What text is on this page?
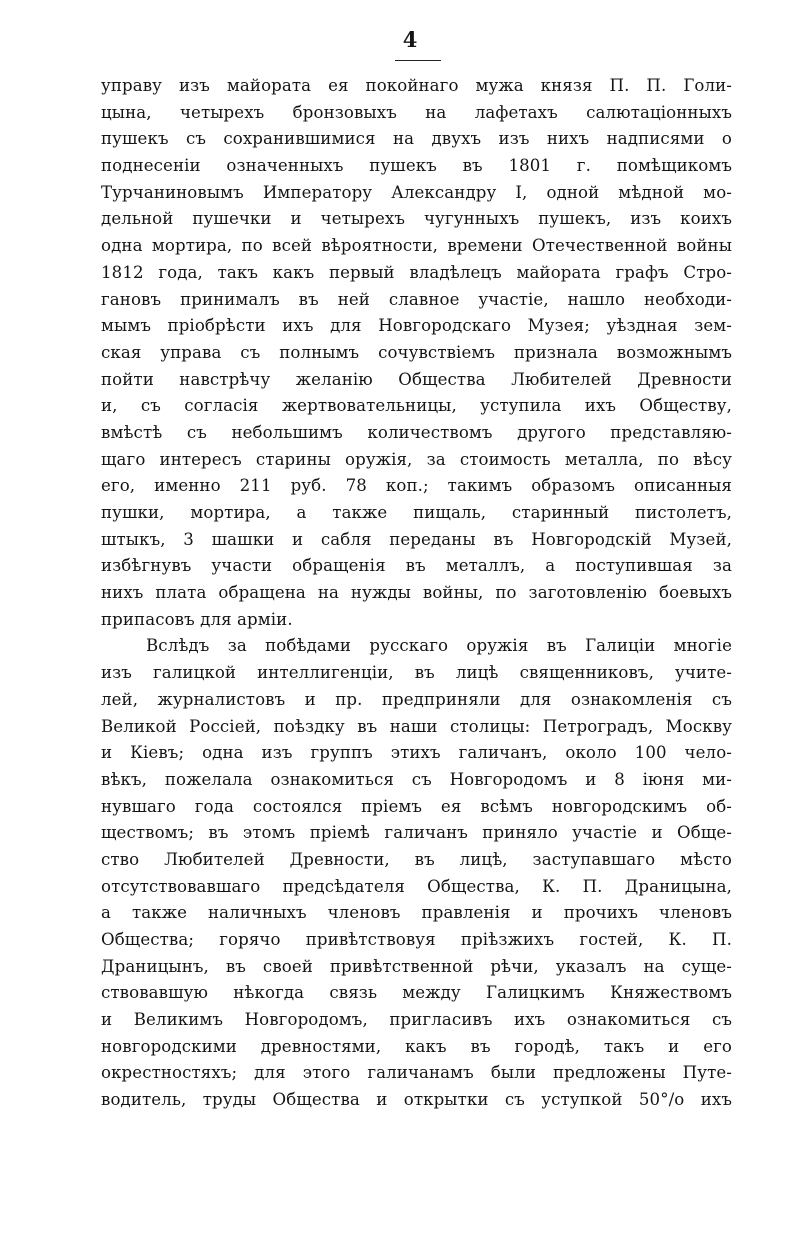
4
управу изъ майората ея покойнаго мужа князя П. П. Голи-
цына, четырехъ бронзовыхъ на лафетахъ салютаціонныхъ
пушекъ съ сохранившимися на двухъ изъ нихъ надписями о
поднесеніи означенныхъ пушекъ въ 1801 г. помѣщикомъ
Турчаниновымъ Императору Александру I, одной мѣдной мо-
дельной пушечки и четырехъ чугунныхъ пушекъ, изъ коихъ
одна мортира, по всей вѣроятности, времени Отечественной войны
1812 года, такъ какъ первый владѣлецъ майората графъ Стро-
гановъ принималъ въ ней славное участіе, нашло необходи-
мымъ пріобрѣсти ихъ для Новгородскаго Музея; уѣздная зем-
ская управа съ полнымъ сочувствіемъ признала возможнымъ
пойти навстрѣчу желанію Общества Любителей Древности
и, съ согласія жертвовательницы, уступила ихъ Обществу,
вмѣстѣ съ небольшимъ количествомъ другого представляю-
щаго интересъ старины оружія, за стоимость металла, по вѣсу
его, именно 211 руб. 78 коп.; такимъ образомъ описанныя
пушки, мортира, а также пищаль, старинный пистолетъ,
штыкъ, 3 шашки и сабля переданы въ Новгородскій Музей,
избѣгнувъ участи обращенія въ металлъ, а поступившая за
нихъ плата обращена на нужды войны, по заготовленію боевыхъ
припасовъ для арміи.
Вслѣдъ за побѣдами русскаго оружія въ Галиціи многіе
изъ галицкой интеллигенціи, въ лицѣ священниковъ, учите-
лей, журналистовъ и пр. предприняли для ознакомленія съ
Великой Россіей, поѣздку въ наши столицы: Петроградъ, Москву
и Кіевъ; одна изъ группъ этихъ галичанъ, около 100 чело-
вѣкъ, пожелала ознакомиться съ Новгородомъ и 8 іюня ми-
нувшаго года состоялся пріемъ ея всѣмъ новгородскимъ об-
ществомъ; въ этомъ пріемѣ галичанъ приняло участіе и Обще-
ство Любителей Древности, въ лицѣ, заступавшаго мѣсто
отсутствовавшаго предсѣдателя Общества, К. П. Драницына,
а также наличныхъ членовъ правленія и прочихъ членовъ
Общества; горячо привѣтствовуя пріѣзжихъ гостей, К. П.
Драницынъ, въ своей привѣтственной рѣчи, указалъ на суще-
ствовавшую нѣкогда связь между Галицкимъ Княжествомъ
и Великимъ Новгородомъ, пригласивъ ихъ ознакомиться съ
новгородскими древностями, какъ въ городѣ, такъ и его
окрестностяхъ; для этого галичанамъ были предложены Путе-
водитель, труды Общества и открытки съ уступкой 50°/о ихъ
